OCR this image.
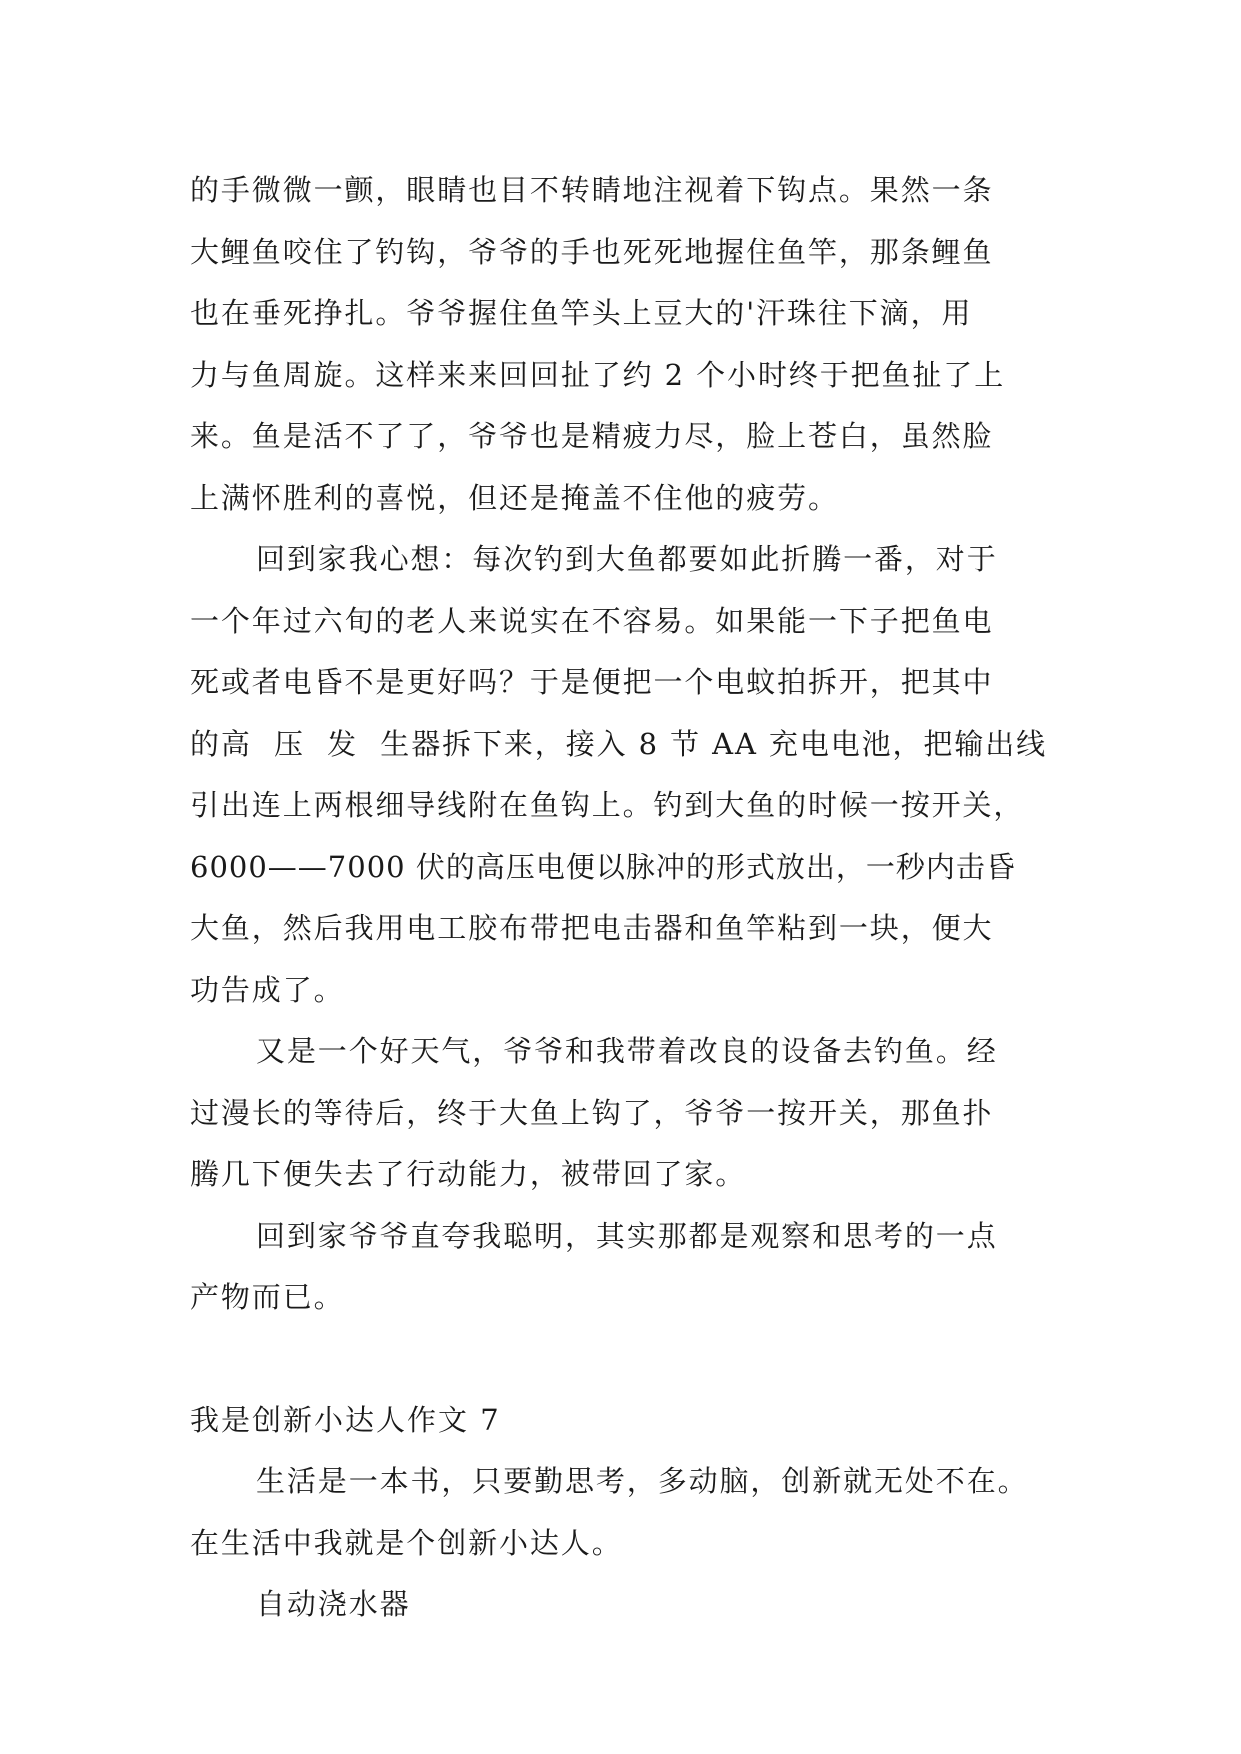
的手微微一颤，眼睛也目不转睛地注视着下钩点。果然一条
大鲤鱼咬住了钓钩，爷爷的手也死死地握住鱼竿，那条鲤鱼
也在垂死挣扎。爷爷握住鱼竿头上豆大的'汗珠往下滴，用
力与鱼周旋。这样来来回回扯了约 2 个小时终于把鱼扯了上
来。鱼是活不了了，爷爷也是精疲力尽，脸上苍白，虽然脸
上满怀胜利的喜悦，但还是掩盖不住他的疲劳。
回到家我心想：每次钓到大鱼都要如此折腾一番，对于
一个年过六旬的老人来说实在不容易。如果能一下子把鱼电
死或者电昏不是更好吗？于是便把一个电蚊拍拆开，把其中
的高  压  发  生器拆下来，接入 8 节 AA 充电电池，把输出线
引出连上两根细导线附在鱼钩上。钓到大鱼的时候一按开关，
6000——7000 伏的高压电便以脉冲的形式放出，一秒内击昏
大鱼，然后我用电工胶布带把电击器和鱼竿粘到一块，便大
功告成了。
又是一个好天气，爷爷和我带着改良的设备去钓鱼。经
过漫长的等待后，终于大鱼上钩了，爷爷一按开关，那鱼扑
腾几下便失去了行动能力，被带回了家。
回到家爷爷直夸我聪明，其实那都是观察和思考的一点
产物而已。
我是创新小达人作文 7
生活是一本书，只要勤思考，多动脑，创新就无处不在。
在生活中我就是个创新小达人。
自动浇水器
